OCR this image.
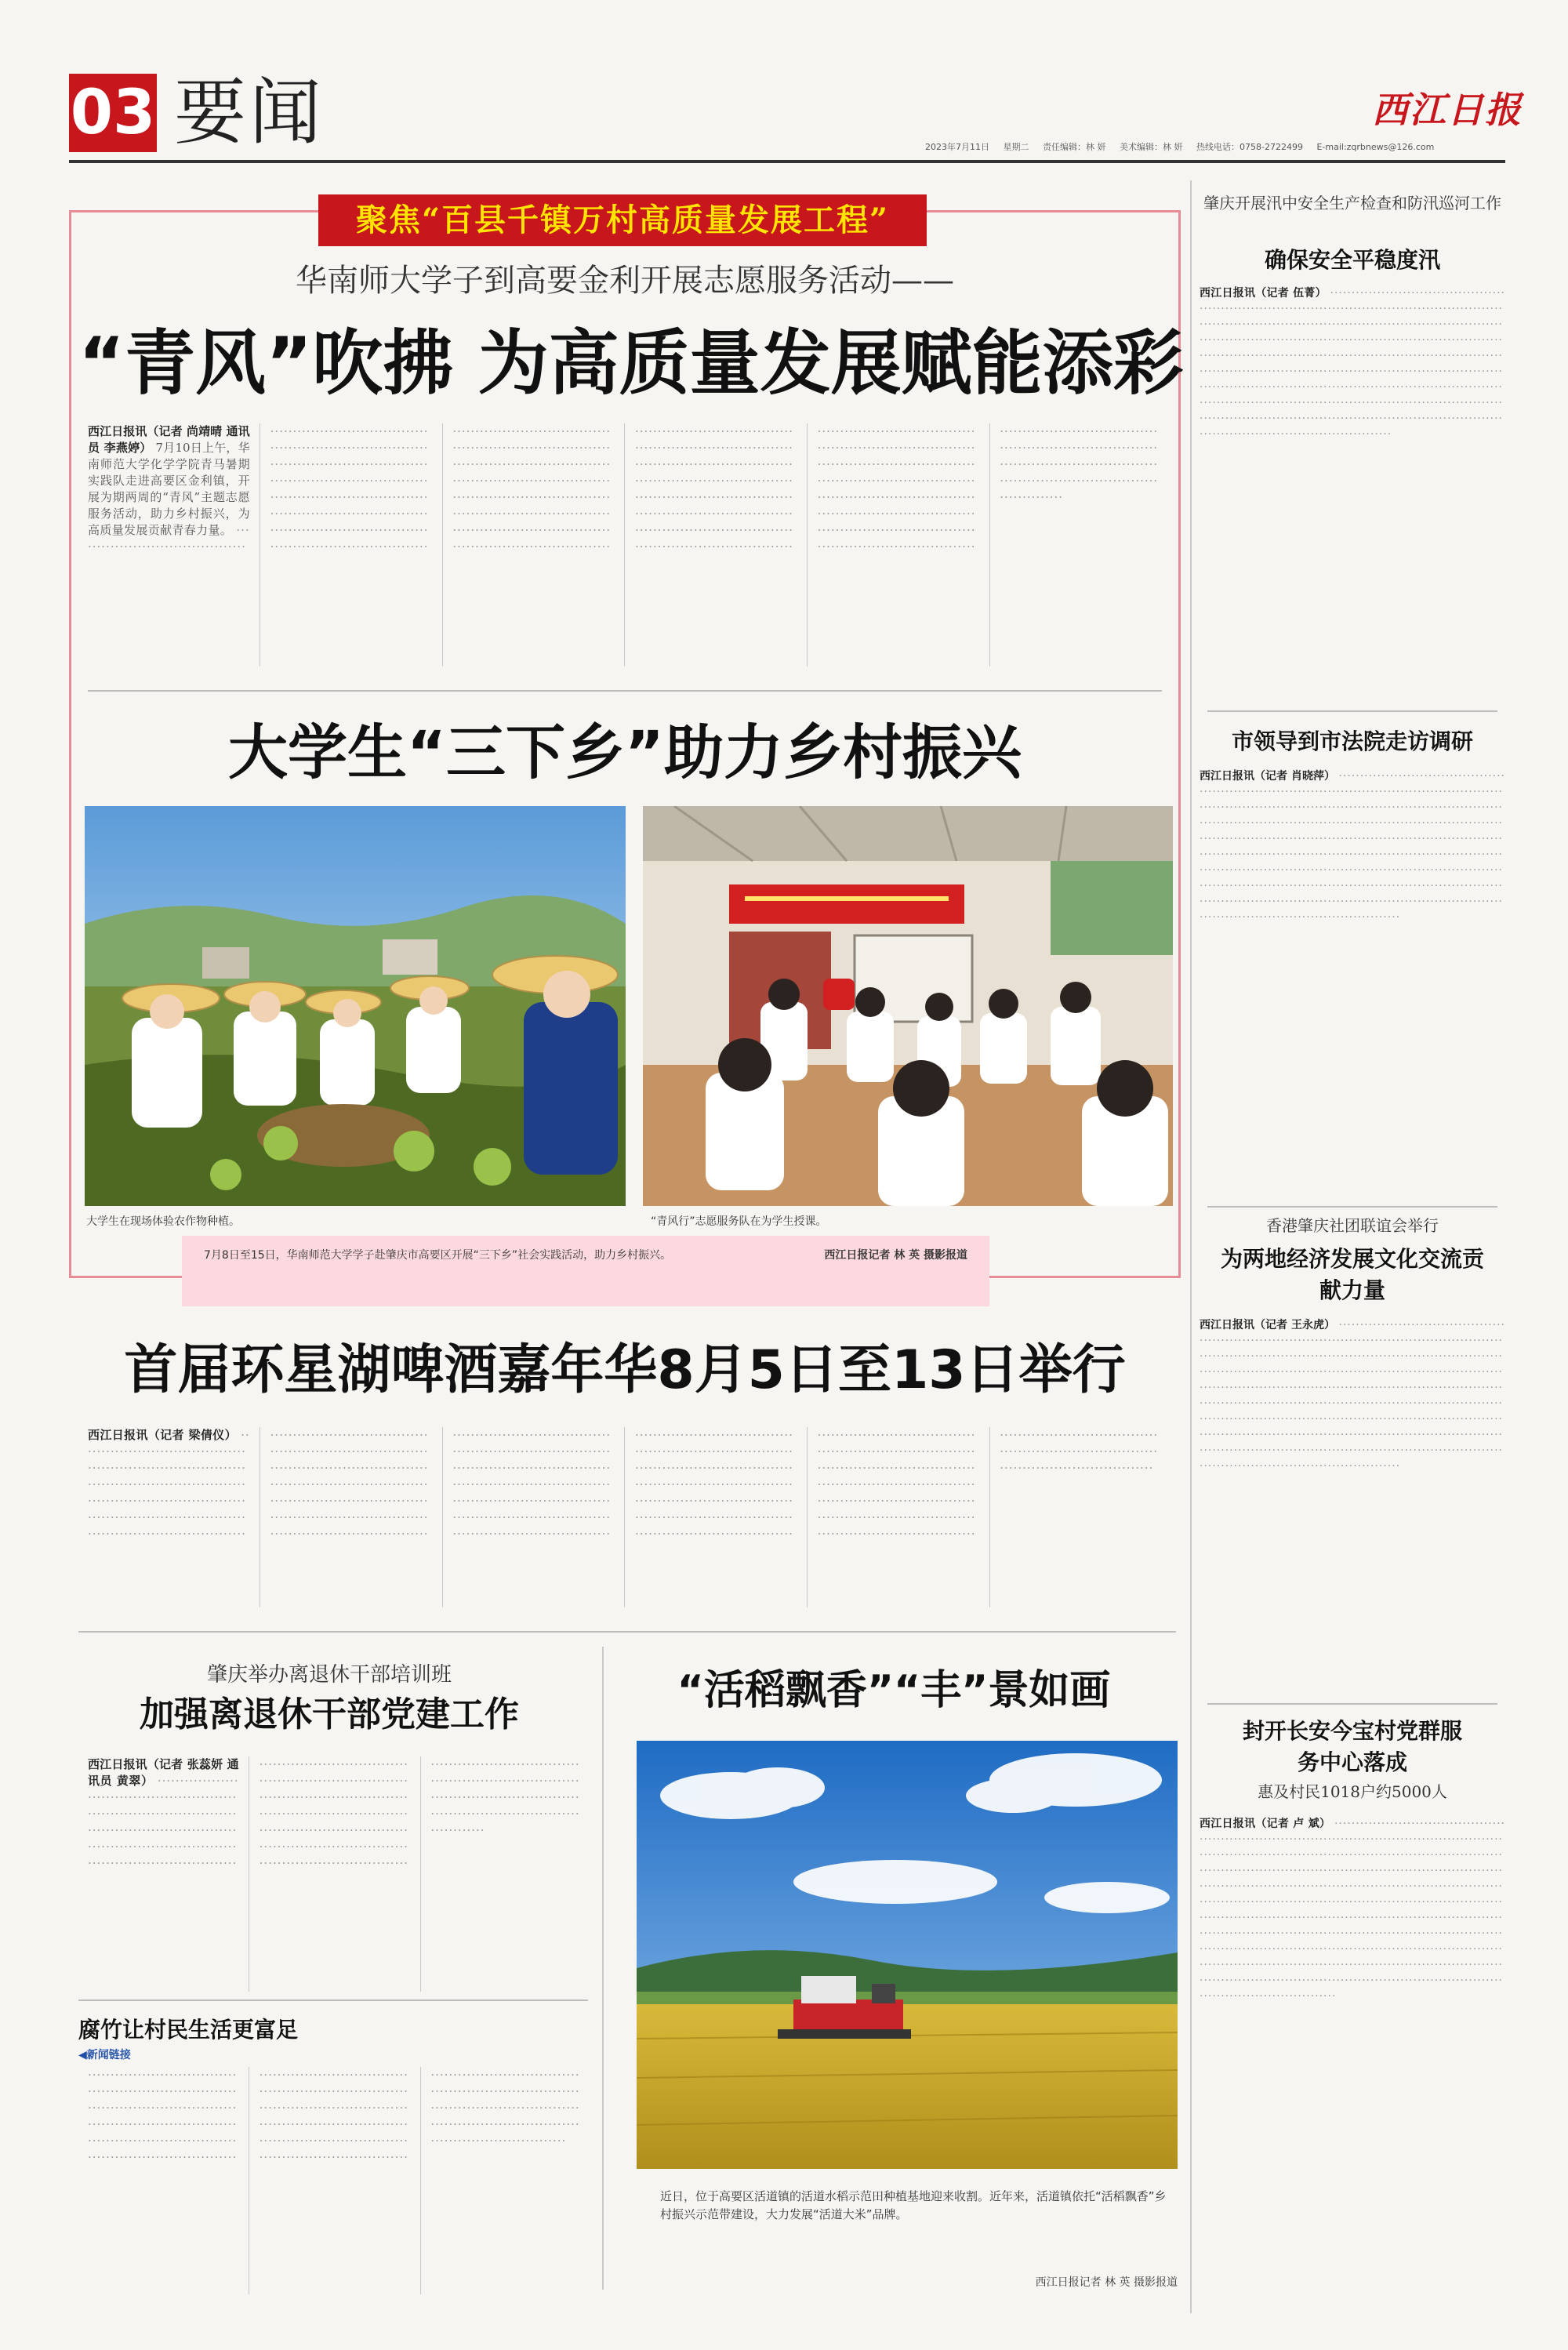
03 要闻	西江日报
2023年7月11日 星期二 责任编辑：林 妍 美术编辑：林 妍 热线电话：0758-2722499 E-mail:zqrbnews@126.com
聚焦“百县千镇万村高质量发展工程”
华南师大学子到高要金利开展志愿服务活动——
“青风”吹拂 为高质量发展赋能添彩
西江日报讯（记者 尚靖晴 通讯员 李燕婷） 7月10日上午，华南师范大学化学学院青马暑期实践队走进高要区金利镇，开展为期两周的“青风”主题志愿服务活动，助力乡村振兴，为高质量发展贡献青春力量。 ································································································································································································································································································································································································································································································································································································································································································································································································································································································································································································································································································································································································································································································································································
大学生“三下乡”助力乡村振兴
大学生在现场体验农作物种植。	“青风行”志愿服务队在为学生授课。
7月8日至15日，华南师范大学学子赴肇庆市高要区开展“三下乡”社会实践活动，助力乡村振兴。	西江日报记者 林 英 摄影报道
首届环星湖啤酒嘉年华8月5日至13日举行
西江日报讯（记者 梁倩仪） ················································································································································································································································································································································································································································································································································································································································································································································································································································································································································································································································································································································································································································································································································
肇庆开展汛中安全生产检查和防汛巡河工作
确保安全平稳度汛
西江日报讯（记者 伍菁） ··············································································································································································································································································································································································································································································································································································································································································
市领导到市法院走访调研
西江日报讯（记者 肖晓萍） ··············································································································································································································································································································································································································································································································································································································································································
香港肇庆社团联谊会举行
为两地经济发展文化交流贡献力量
西江日报讯（记者 王永虎） ··············································································································································································································································································································································································································································································································································································································································································
封开长安今宝村党群服务中心落成
惠及村民1018户约5000人
西江日报讯（记者 卢 斌） ··············································································································································································································································································································································································································································································································································································································································································································································································································
肇庆举办离退休干部培训班
加强离退休干部党建工作
西江日报讯（记者 张蕊妍 通讯员 黄翠） ··············································································································································································································································································································································································································································································································································································
腐竹让村民生活更富足
◀新闻链接
··············································································································································································································································································································································································································································································································································································
“活稻飘香”“丰”景如画
近日，位于高要区活道镇的活道水稻示范田种植基地迎来收割。近年来，活道镇依托“活稻飘香”乡村振兴示范带建设，大力发展“活道大米”品牌。
西江日报记者 林 英 摄影报道
